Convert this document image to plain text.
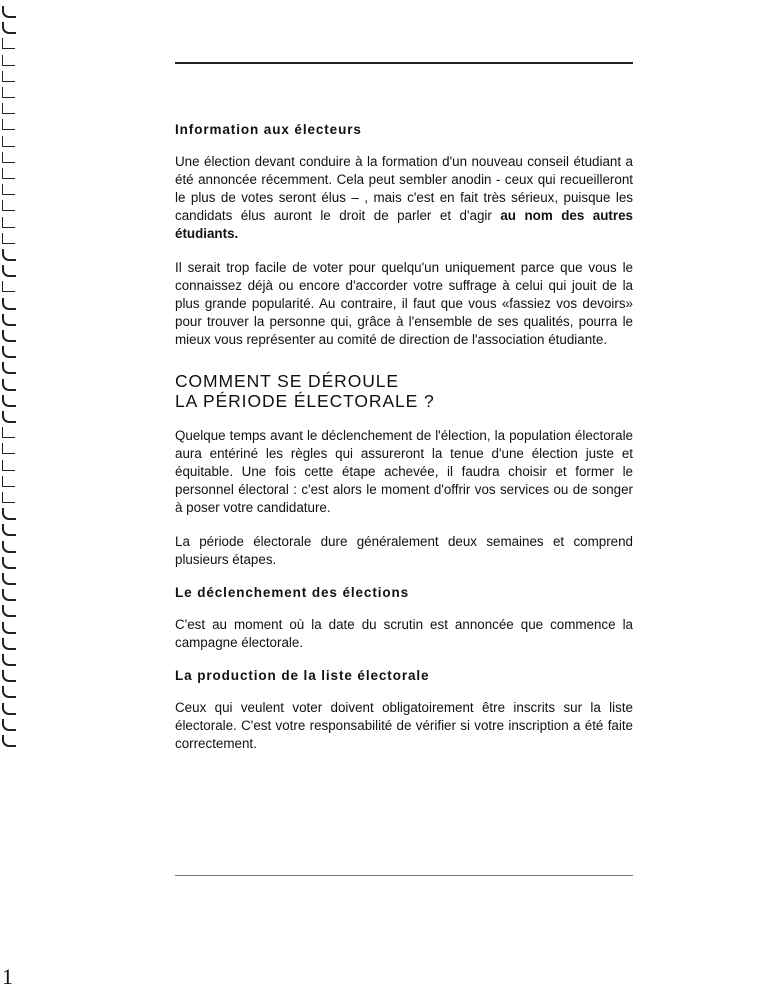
Information aux électeurs

Une élection devant conduire à la formation d'un nouveau conseil étudiant a été annoncée récemment. Cela peut sembler anodin - ceux qui recueilleront le plus de votes seront élus – , mais c'est en fait très sérieux, puisque les candidats élus auront le droit de parler et d'agir au nom des autres étudiants.

Il serait trop facile de voter pour quelqu'un uniquement parce que vous le connaissez déjà ou encore d'accorder votre suffrage à celui qui jouit de la plus grande popularité. Au contraire, il faut que vous «fassiez vos devoirs» pour trouver la personne qui, grâce à l'ensemble de ses qualités, pourra le mieux vous représenter au comité de direction de l'association étudiante.

COMMENT SE DÉROULE
LA PÉRIODE ÉLECTORALE ?

Quelque temps avant le déclenchement de l'élection, la population électorale aura entériné les règles qui assureront la tenue d'une élection juste et équitable. Une fois cette étape achevée, il faudra choisir et former le personnel électoral : c'est alors le moment d'offrir vos services ou de songer à poser votre candidature.

La période électorale dure généralement deux semaines et comprend plusieurs étapes.

Le déclenchement des élections

C'est au moment où la date du scrutin est annoncée que commence la campagne électorale.

La production de la liste électorale

Ceux qui veulent voter doivent obligatoirement être inscrits sur la liste électorale. C'est votre responsabilité de vérifier si votre inscription a été faite correctement.

1
